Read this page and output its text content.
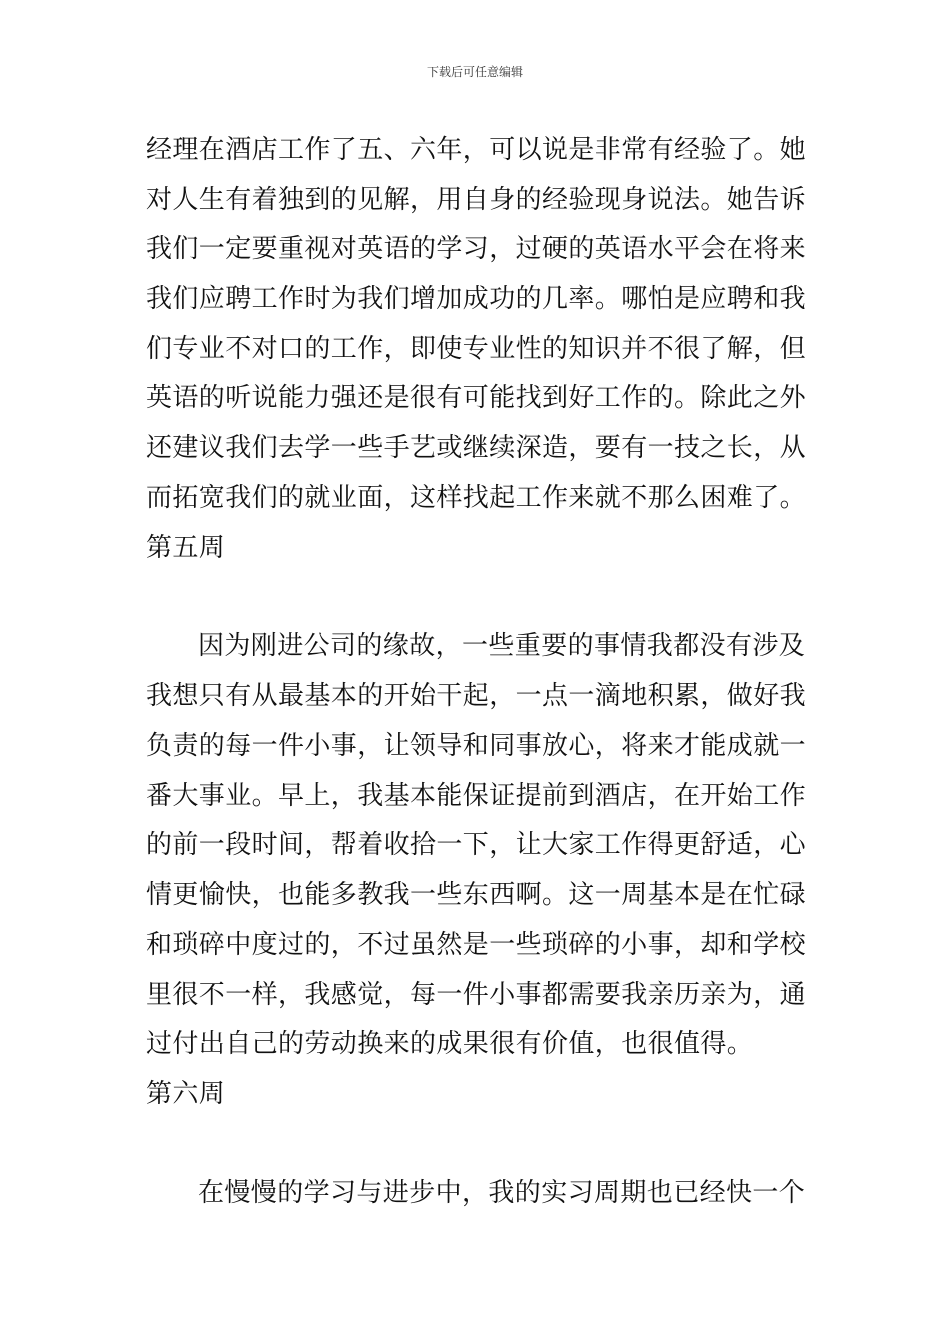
下载后可任意编辑
经理在酒店工作了五、六年，可以说是非常有经验了。她
对人生有着独到的见解，用自身的经验现身说法。她告诉
我们一定要重视对英语的学习，过硬的英语水平会在将来
我们应聘工作时为我们增加成功的几率。哪怕是应聘和我
们专业不对口的工作，即使专业性的知识并不很了解，但
英语的听说能力强还是很有可能找到好工作的。除此之外
还建议我们去学一些手艺或继续深造，要有一技之长，从
而拓宽我们的就业面，这样找起工作来就不那么困难了。
第五周
因为刚进公司的缘故，一些重要的事情我都没有涉及
我想只有从最基本的开始干起，一点一滴地积累，做好我
负责的每一件小事，让领导和同事放心，将来才能成就一
番大事业。早上，我基本能保证提前到酒店，在开始工作
的前一段时间，帮着收拾一下，让大家工作得更舒适，心
情更愉快，也能多教我一些东西啊。这一周基本是在忙碌
和琐碎中度过的，不过虽然是一些琐碎的小事，却和学校
里很不一样，我感觉，每一件小事都需要我亲历亲为，通
过付出自己的劳动换来的成果很有价值，也很值得。
第六周
在慢慢的学习与进步中，我的实习周期也已经快一个
